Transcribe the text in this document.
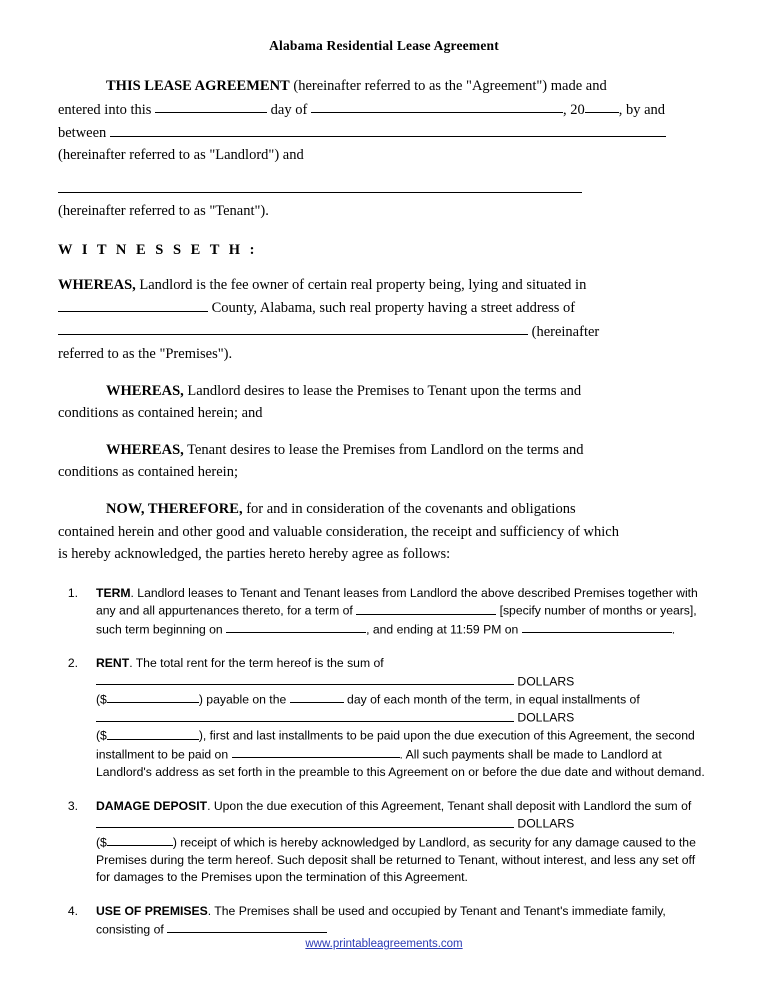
Alabama Residential Lease Agreement

THIS LEASE AGREEMENT (hereinafter referred to as the "Agreement") made and

entered into this	day of	, 20 , by and

between

(hereinafter referred to as "Landlord") and

(hereinafter referred to as "Tenant").

W I T N E S S E T H :

WHEREAS, Landlord is the fee owner of certain real property being, lying and situated in

County, Alabama, such real property having a street address of

(hereinafter

referred to as the "Premises").

WHEREAS, Landlord desires to lease the Premises to Tenant upon the terms and

conditions as contained herein; and

WHEREAS, Tenant desires to lease the Premises from Landlord on the terms and

conditions as contained herein;

NOW, THEREFORE, for and in consideration of the covenants and obligations

contained herein and other good and valuable consideration, the receipt and sufficiency of which

is hereby acknowledged, the parties hereto hereby agree as follows:

1.	TERM. Landlord leases to Tenant and Tenant leases from Landlord the above described Premises together with any and all appurtenances thereto, for a term of	[specify number of months or years], such term beginning on	, and ending at 11:59 PM on	.

2.	RENT. The total rent for the term hereof is the sum of

DOLLARS

($	) payable on the	day of each month of the term, in equal installments of

DOLLARS

($	), first and last installments to be paid upon the due execution of this Agreement, the second installment to be paid on	. All such payments shall be made to Landlord at Landlord's address as set forth in the preamble to this Agreement on or before the due date and without demand.

3.	DAMAGE DEPOSIT. Upon the due execution of this Agreement, Tenant shall deposit with Landlord the sum of

DOLLARS

($	) receipt of which is hereby acknowledged by Landlord, as security for any damage caused to the Premises during the term hereof. Such deposit shall be returned to Tenant, without interest, and less any set off for damages to the Premises upon the termination of this Agreement.

4.	USE OF PREMISES. The Premises shall be used and occupied by Tenant and Tenant's immediate family, consisting of

www.printableagreements.com
